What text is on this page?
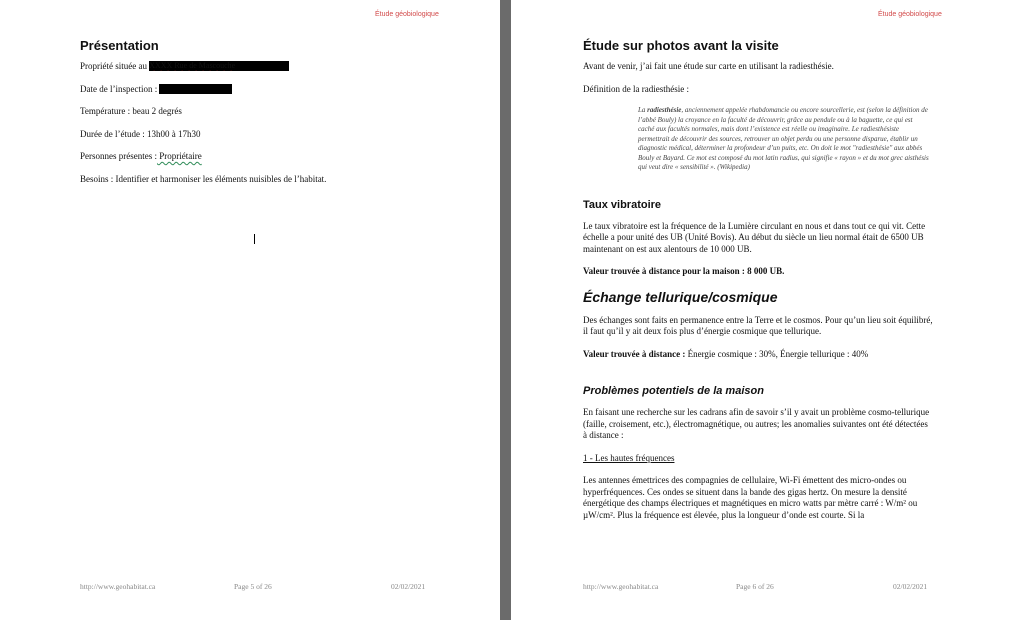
Étude géobiologique
Présentation

Propriété située au XXXX Rue de Mascouche

Date de l’inspection :

Température : beau 2 degrés

Durée de l’étude : 13h00 à 17h30

Personnes présentes : Propriétaire

Besoins : Identifier et harmoniser les éléments nuisibles de l’habitat.

http://www.geohabitat.ca	Page 5 of 26	02/02/2021
Étude géobiologique
Étude sur photos avant la visite

Avant de venir, j’ai fait une étude sur carte en utilisant la radiesthésie.

Définition de la radiesthésie :

La radiesthésie, anciennement appelée rhabdomancie ou encore sourcellerie, est (selon la définition de l’abbé Bouly) la croyance en la faculté de découvrir, grâce au pendule ou à la baguette, ce qui est caché aux facultés normales, mais dont l’existence est réelle ou imaginaire. Le radiesthésiste permettrait de découvrir des sources, retrouver un objet perdu ou une personne disparue, établir un diagnostic médical, déterminer la profondeur d’un puits, etc. On doit le mot "radiesthésie" aux abbés Bouly et Bayard. Ce mot est composé du mot latin radius, qui signifie « rayon » et du mot grec aisthésis qui veut dire « sensibilité ». (Wikipedia)
Taux vibratoire

Le taux vibratoire est la fréquence de la Lumière circulant en nous et dans tout ce qui vit. Cette échelle a pour unité des UB (Unité Bovis). Au début du siècle un lieu normal était de 6500 UB maintenant on est aux alentours de 10 000 UB.

Valeur trouvée à distance pour la maison : 8 000 UB.

Échange tellurique/cosmique

Des échanges sont faits en permanence entre la Terre et le cosmos. Pour qu’un lieu soit équilibré, il faut qu’il y ait deux fois plus d’énergie cosmique que tellurique.

Valeur trouvée à distance : Énergie cosmique : 30%, Énergie tellurique : 40%

Problèmes potentiels de la maison

En faisant une recherche sur les cadrans afin de savoir s’il y avait un problème cosmo-tellurique (faille, croisement, etc.), électromagnétique, ou autres; les anomalies suivantes ont été détectées à distance :

1 - Les hautes fréquences

Les antennes émettrices des compagnies de cellulaire, Wi-Fi émettent des micro-ondes ou hyperfréquences. Ces ondes se situent dans la bande des gigas hertz. On mesure la densité énergétique des champs électriques et magnétiques en micro watts par mètre carré : W/m² ou µW/cm². Plus la fréquence est élevée, plus la longueur d’onde est courte. Si la

http://www.geohabitat.ca	Page 6 of 26	02/02/2021
